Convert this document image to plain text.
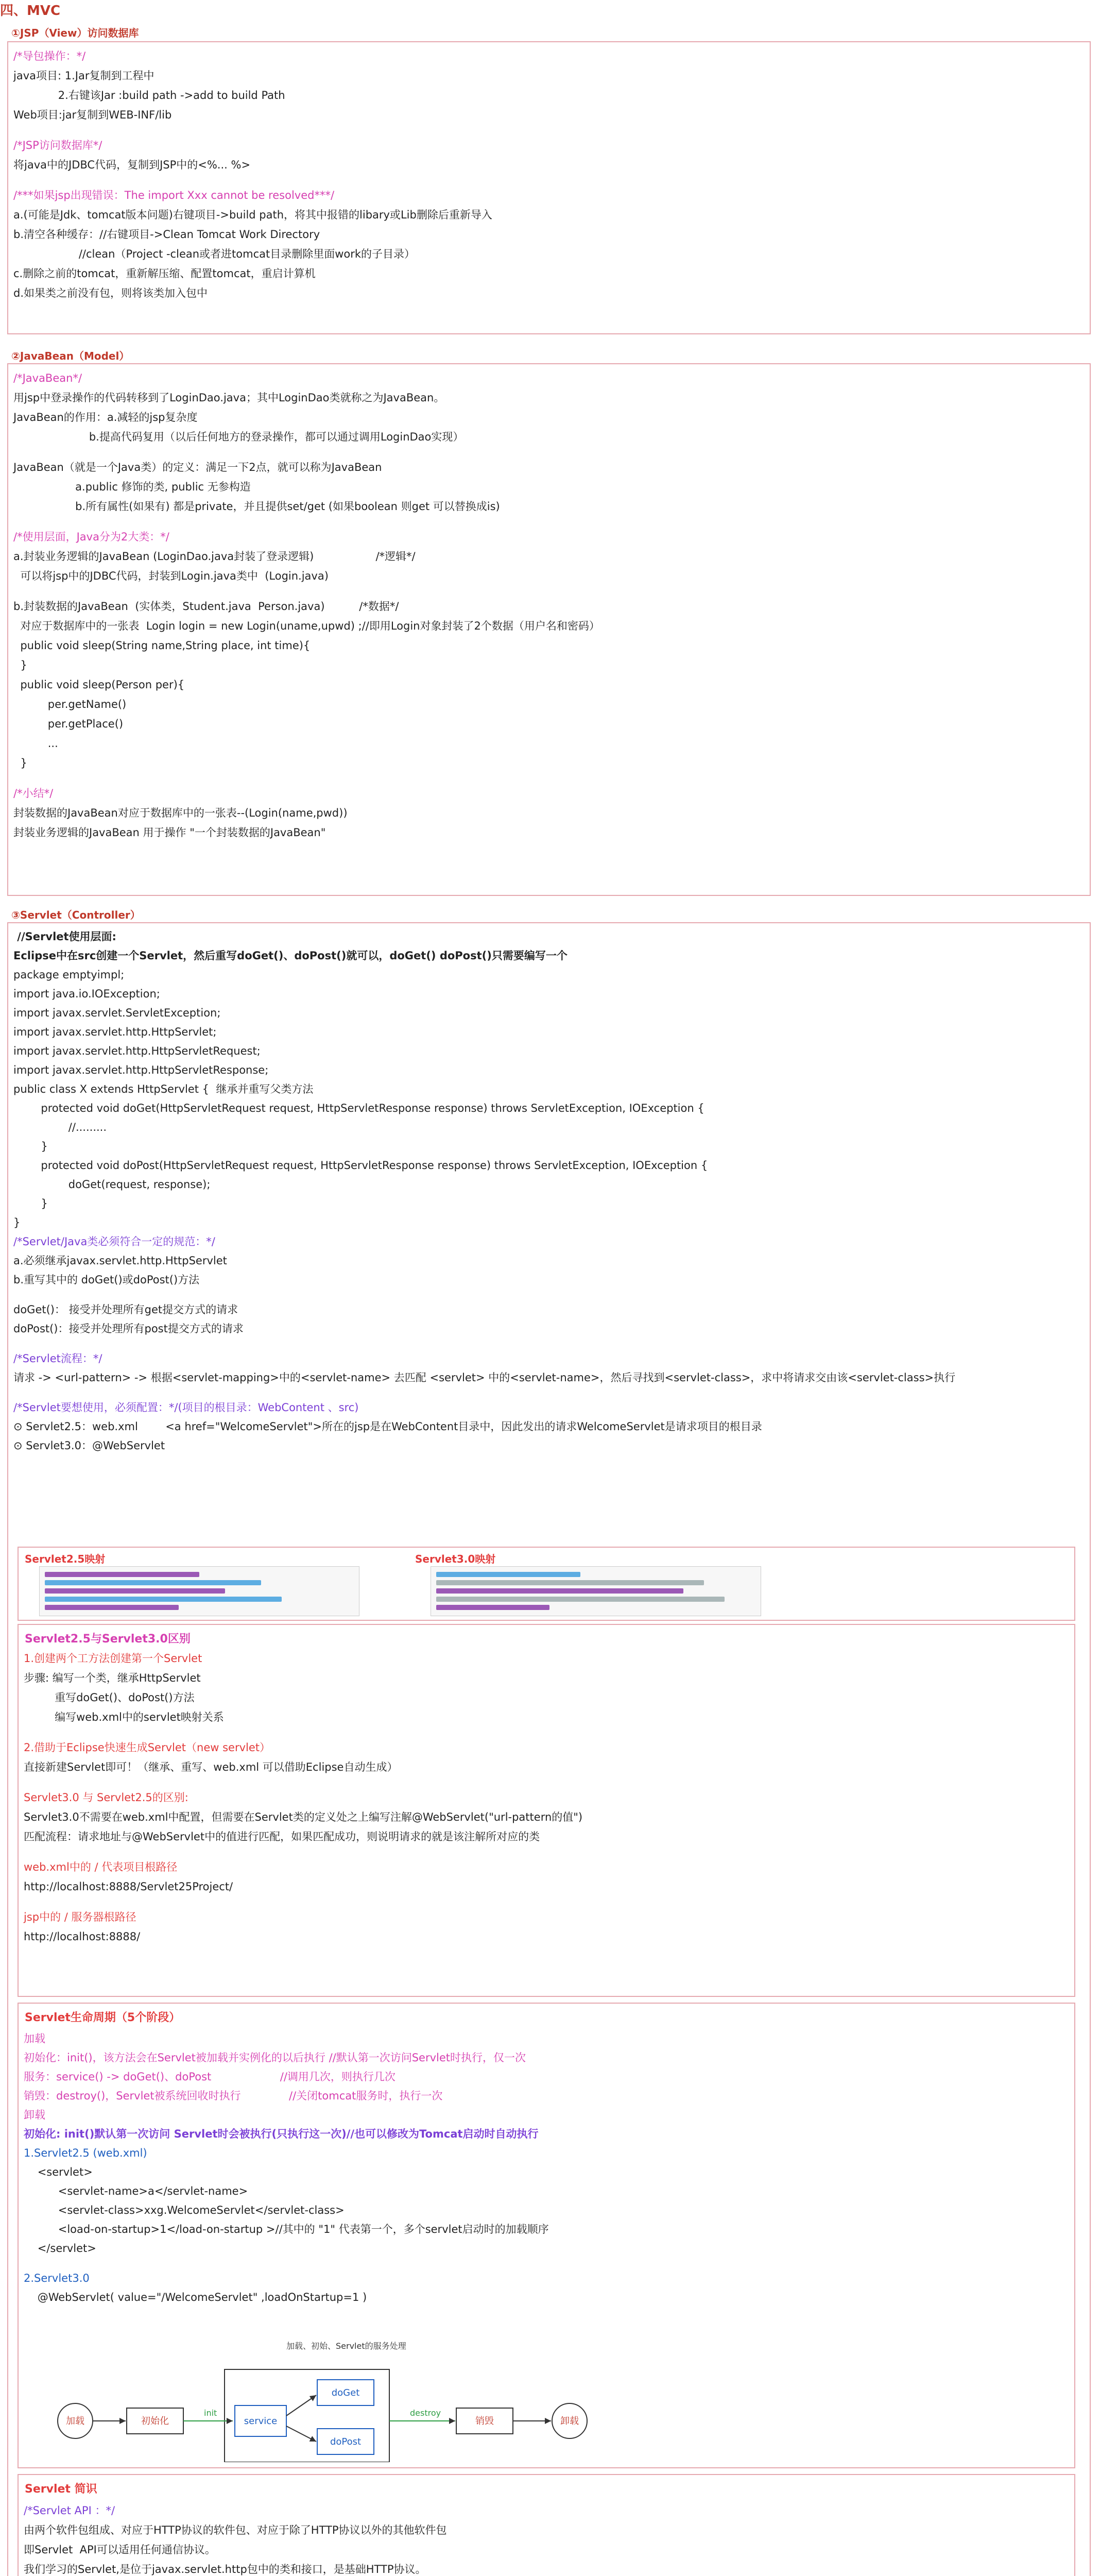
四、MVC
①JSP（View）访问数据库
/*导包操作：*/
java项目: 1.Jar复制到工程中
2.右键该Jar :build path ->add to build Path
Web项目:jar复制到WEB-INF/lib
/*JSP访问数据库*/
将java中的JDBC代码，复制到JSP中的<%... %>
/***如果jsp出现错误：The import Xxx cannot be resolved***/
a.(可能是Jdk、tomcat版本问题)右键项目->build path，将其中报错的libary或Lib删除后重新导入
b.清空各种缓存：//右键项目->Clean Tomcat Work Directory
//clean（Project -clean或者进tomcat目录删除里面work的子目录）
c.删除之前的tomcat，重新解压缩、配置tomcat，重启计算机
d.如果类之前没有包，则将该类加入包中
②JavaBean（Model）
/*JavaBean*/
用jsp中登录操作的代码转移到了LoginDao.java；其中LoginDao类就称之为JavaBean。
JavaBean的作用：a.减轻的jsp复杂度
b.提高代码复用（以后任何地方的登录操作，都可以通过调用LoginDao实现）
JavaBean（就是一个Java类）的定义：满足一下2点，就可以称为JavaBean
a.public 修饰的类, public 无参构造
b.所有属性(如果有) 都是private，并且提供set/get (如果boolean 则get 可以替换成is)
/*使用层面，Java分为2大类：*/
a.封装业务逻辑的JavaBean (LoginDao.java封装了登录逻辑)                  /*逻辑*/
可以将jsp中的JDBC代码，封装到Login.java类中  (Login.java)
b.封装数据的JavaBean  (实体类，Student.java  Person.java)          /*数据*/
对应于数据库中的一张表  Login login = new Login(uname,upwd) ;//即用Login对象封装了2个数据（用户名和密码）
public void sleep(String name,String place, int time){
}
public void sleep(Person per){
per.getName()
per.getPlace()
...
}
/*小结*/
封装数据的JavaBean对应于数据库中的一张表--(Login(name,pwd))
封装业务逻辑的JavaBean 用于操作 "一个封装数据的JavaBean"
③Servlet（Controller）
//Servlet使用层面:
Eclipse中在src创建一个Servlet，然后重写doGet()、doPost()就可以，doGet() doPost()只需要编写一个
package emptyimpl;
import java.io.IOException;
import javax.servlet.ServletException;
import javax.servlet.http.HttpServlet;
import javax.servlet.http.HttpServletRequest;
import javax.servlet.http.HttpServletResponse;
public class X extends HttpServlet {  继承并重写父类方法
protected void doGet(HttpServletRequest request, HttpServletResponse response) throws ServletException, IOException {
//.........
}
protected void doPost(HttpServletRequest request, HttpServletResponse response) throws ServletException, IOException {
doGet(request, response);
}
}
/*Servlet/Java类必须符合一定的规范：*/
a.必须继承javax.servlet.http.HttpServlet
b.重写其中的 doGet()或doPost()方法
doGet()： 接受并处理所有get提交方式的请求
doPost()：接受并处理所有post提交方式的请求
/*Servlet流程：*/
请求 -> <url-pattern> -> 根据<servlet-mapping>中的<servlet-name> 去匹配 <servlet> 中的<servlet-name>，然后寻找到<servlet-class>，求中将请求交由该<servlet-class>执行
/*Servlet要想使用，必须配置：*/(项目的根目录：WebContent 、src)
⊙ Servlet2.5：web.xml        <a href="WelcomeServlet">所在的jsp是在WebContent目录中，因此发出的请求WelcomeServlet是请求项目的根目录
⊙ Servlet3.0：@WebServlet
Servlet2.5映射	Servlet3.0映射
Servlet2.5与Servlet3.0区别
1.创建两个工方法创建第一个Servlet
步骤: 编写一个类，继承HttpServlet
重写doGet()、doPost()方法
编写web.xml中的servlet映射关系
2.借助于Eclipse快速生成Servlet（new servlet）
直接新建Servlet即可！（继承、重写、web.xml 可以借助Eclipse自动生成）
Servlet3.0 与 Servlet2.5的区别:
Servlet3.0不需要在web.xml中配置，但需要在Servlet类的定义处之上编写注解@WebServlet("url-pattern的值")
匹配流程：请求地址与@WebServlet中的值进行匹配，如果匹配成功，则说明请求的就是该注解所对应的类
web.xml中的 / 代表项目根路径
http://localhost:8888/Servlet25Project/
jsp中的 / 服务器根路径
http://localhost:8888/
Servlet生命周期（5个阶段）
加载
初始化：init()，该方法会在Servlet被加载并实例化的以后执行 //默认第一次访问Servlet时执行，仅一次
服务：service() -> doGet()、doPost                    //调用几次，则执行几次
销毁：destroy()，Servlet被系统回收时执行              //关闭tomcat服务时，执行一次
卸载
初始化: init()默认第一次访问 Servlet时会被执行(只执行这一次)//也可以修改为Tomcat启动时自动执行
1.Servlet2.5 (web.xml)
<servlet>
<servlet-name>a</servlet-name>
<servlet-class>xxg.WelcomeServlet</servlet-class>
<load-on-startup>1</load-on-startup >//其中的 "1" 代表第一个，多个servlet启动时的加载顺序
</servlet>
2.Servlet3.0
@WebServlet( value="/WelcomeServlet" ,loadOnStartup=1 )
加载、初始、Servlet的服务处理
加载	初始化	service
doGet
doPost
销毁	卸载
init	destroy
Servlet 简识
/*Servlet API ：*/
由两个软件包组成、对应于HTTP协议的软件包、对应于除了HTTP协议以外的其他软件包
即Servlet  API可以适用任何通信协议。
我们学习的Servlet,是位于javax.servlet.http包中的类和接口，是基础HTTP协议。
